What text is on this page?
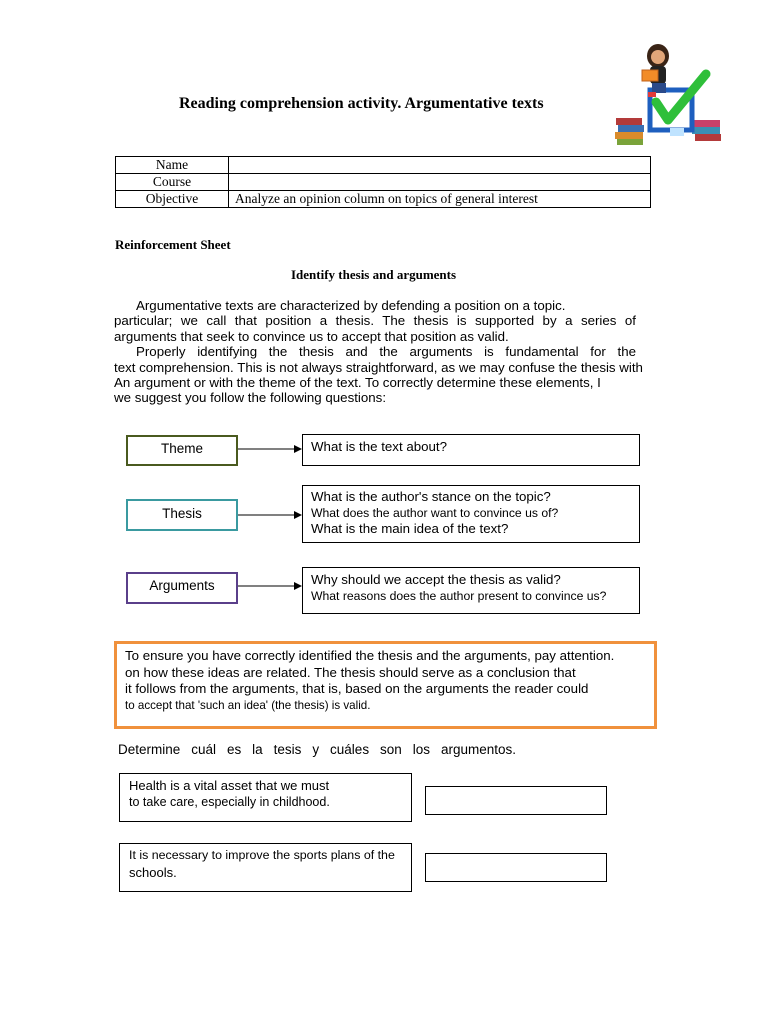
Reading comprehension activity. Argumentative texts
Name	
Course	
Objective	Analyze an opinion column on topics of general interest
Reinforcement Sheet
Identify thesis and arguments
Argumentative texts are characterized by defending a position on a topic.
particular; we call that position a thesis. The thesis is supported by a series of
arguments that seek to convince us to accept that position as valid.
Properly identifying the thesis and the arguments is fundamental for the
text comprehension. This is not always straightforward, as we may confuse the thesis with
An argument or with the theme of the text. To correctly determine these elements, I
we suggest you follow the following questions:
Theme
Thesis
Arguments
What is the text about?
What is the author's stance on the topic?
What does the author want to convince us of?
What is the main idea of the text?
Why should we accept the thesis as valid?
What reasons does the author present to convince us?
To ensure you have correctly identified the thesis and the arguments, pay attention.
on how these ideas are related. The thesis should serve as a conclusion that
it follows from the arguments, that is, based on the arguments the reader could
to accept that 'such an idea' (the thesis) is valid.
Determine cuál es la tesis y cuáles son los argumentos.
Health is a vital asset that we must
to take care, especially in childhood.
It is necessary to improve the sports plans of the
schools.
